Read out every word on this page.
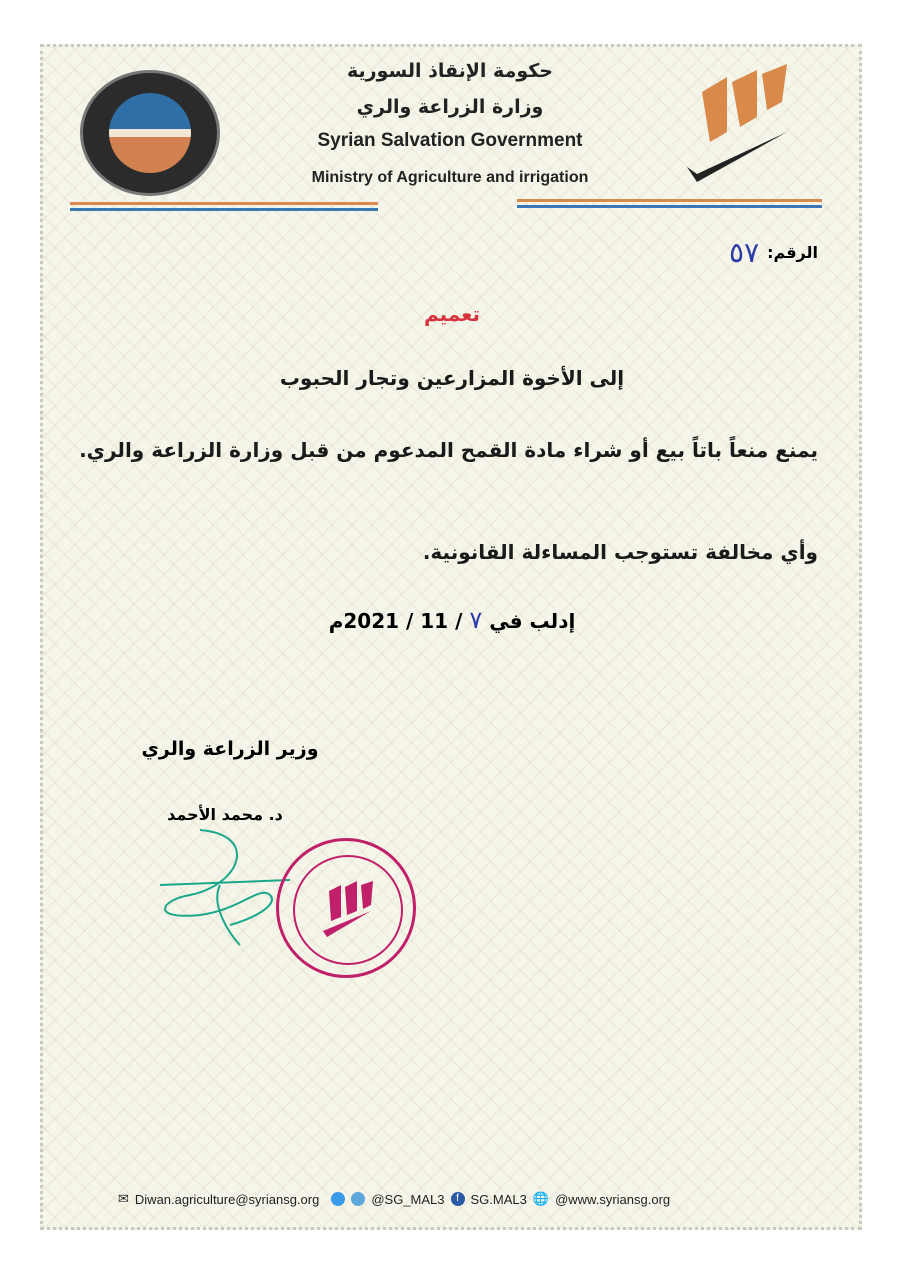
حكومة الإنقاذ السورية
وزارة الزراعة والري
Syrian Salvation Government
Ministry of Agriculture and irrigation
الرقم:
٥٧
تعميم
إلى الأخوة المزارعين وتجار الحبوب
يمنع منعاً باتاً بيع أو شراء مادة القمح المدعوم من قبل وزارة الزراعة والري.
وأي مخالفة تستوجب المساءلة القانونية.
إدلب في ٧ / 11 / 2021م
وزير الزراعة والري
د. محمد الأحمد
✉ Diwan.agriculture@syriansg.org	@SG_MAL3	f SG.MAL3 🌐 @www.syriansg.org
